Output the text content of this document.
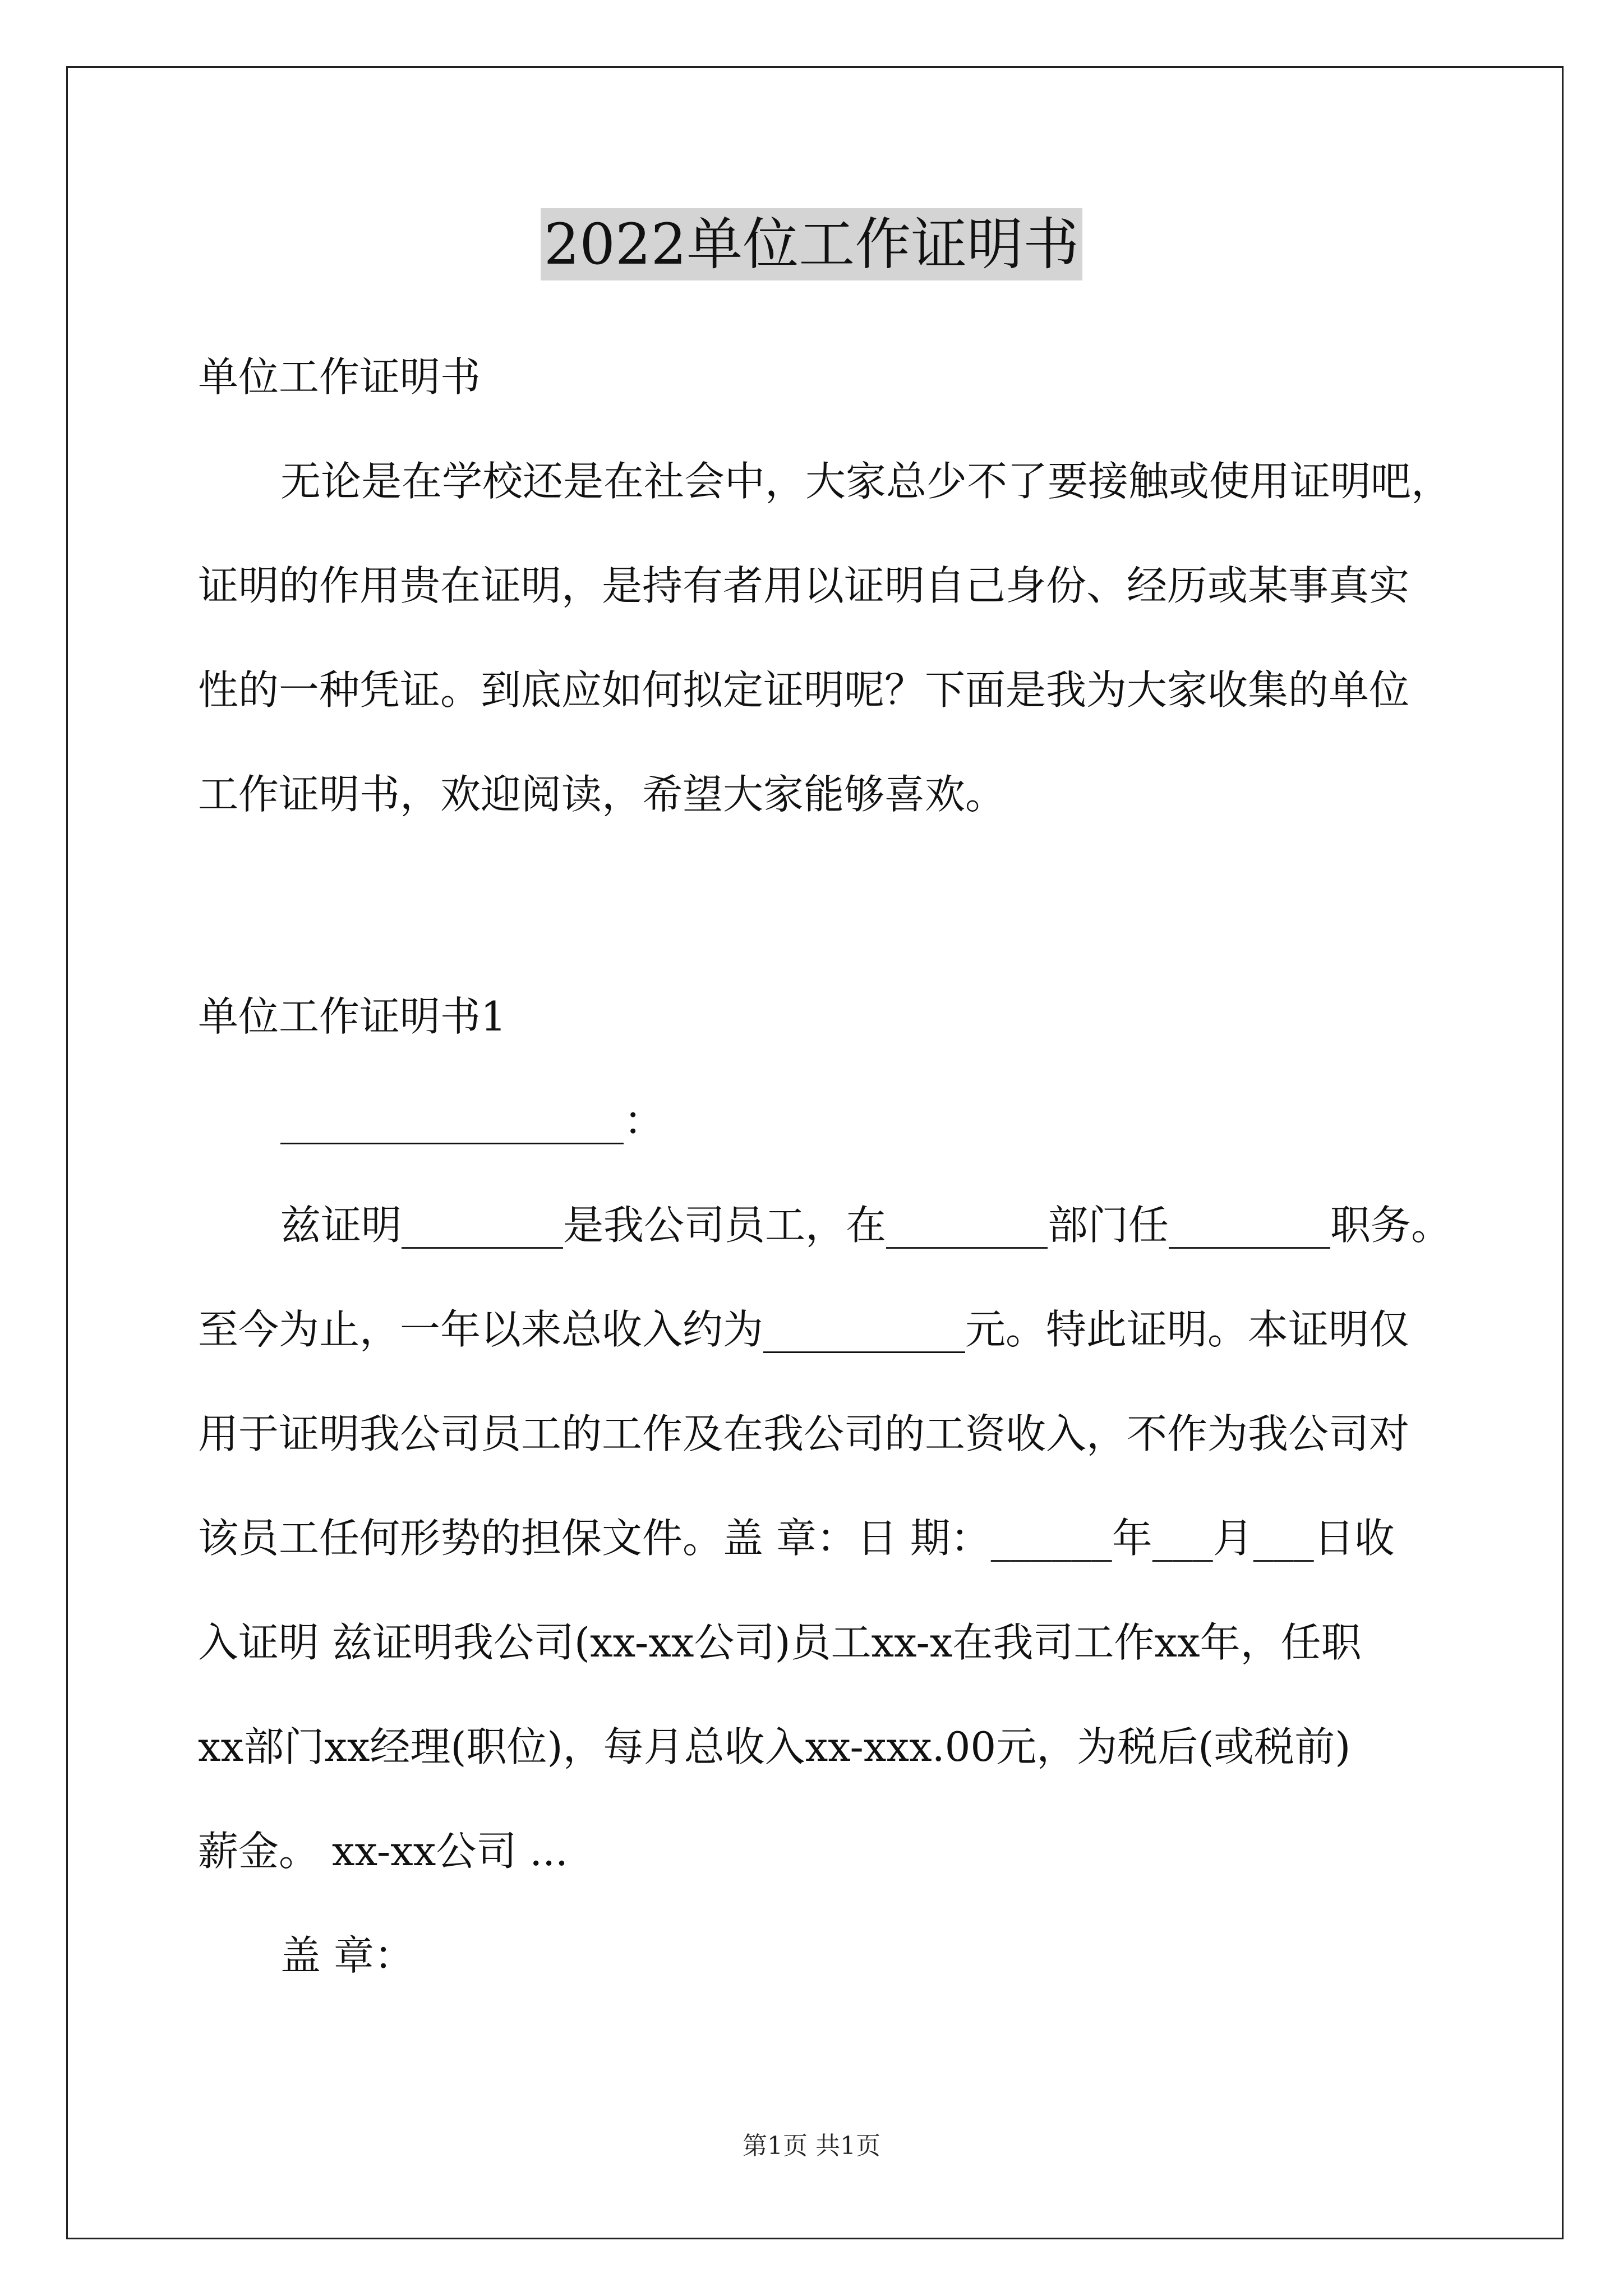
2022单位工作证明书
单位工作证明书
无论是在学校还是在社会中，大家总少不了要接触或使用证明吧，
证明的作用贵在证明，是持有者用以证明自己身份、经历或某事真实
性的一种凭证。到底应如何拟定证明呢？下面是我为大家收集的单位
工作证明书，欢迎阅读，希望大家能够喜欢。
单位工作证明书1
_________________：
兹证明________是我公司员工，在________部门任________职务。
至今为止，一年以来总收入约为__________元。特此证明。本证明仅
用于证明我公司员工的工作及在我公司的工资收入，不作为我公司对
该员工任何形势的担保文件。盖 章：日 期：______年___月___日收
入证明 兹证明我公司(xx-xx公司)员工xx-x在我司工作xx年，任职
xx部门xx经理(职位)，每月总收入xx-xxx.00元，为税后(或税前)
薪金。 xx-xx公司 ...
盖 章：
第1页 共1页
